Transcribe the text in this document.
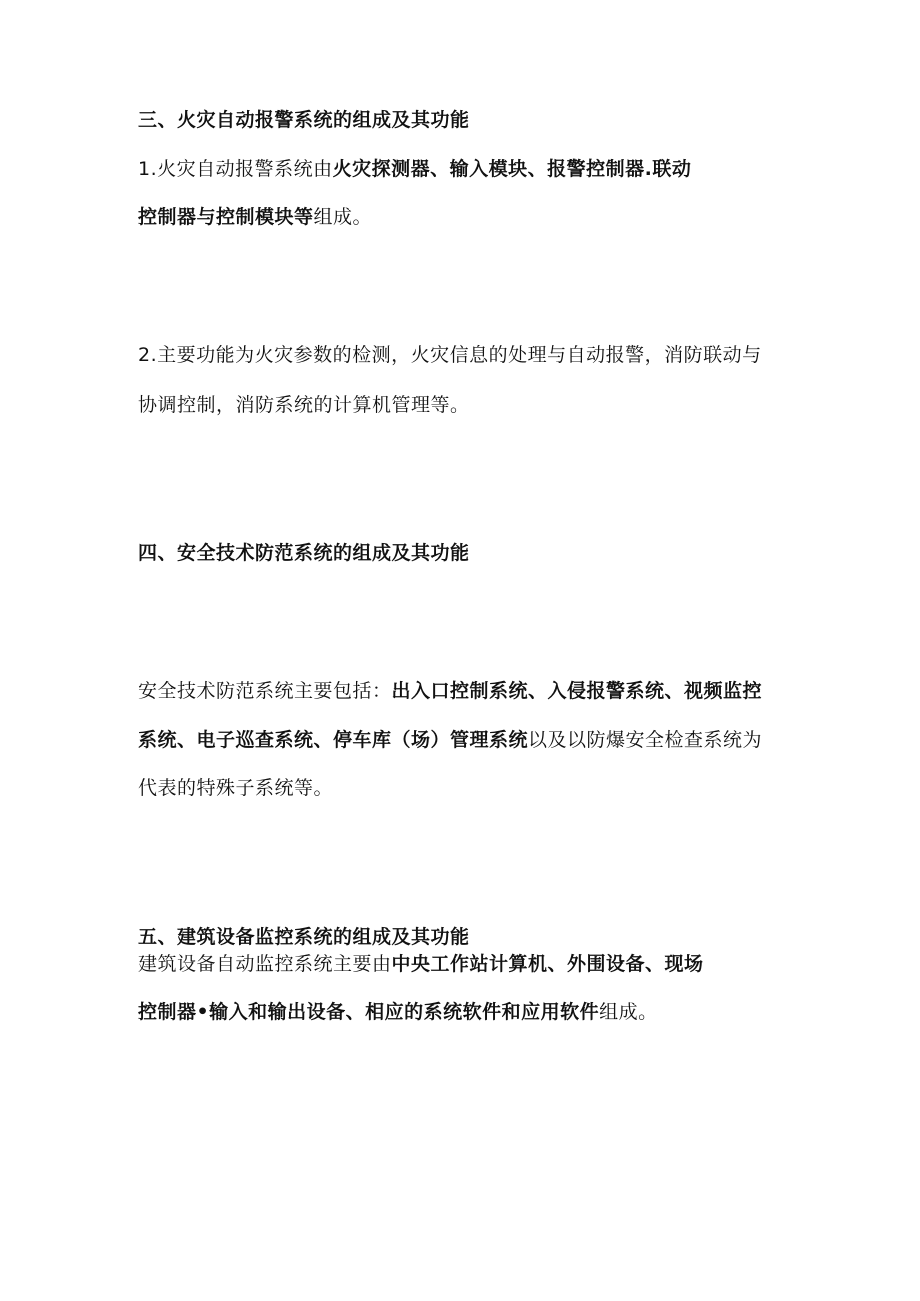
三、火灾自动报警系统的组成及其功能
1.火灾自动报警系统由火灾探测器、输入模块、报警控制器.联动
控制器与控制模块等组成。
2.主要功能为火灾参数的检测，火灾信息的处理与自动报警，消防联动与
协调控制，消防系统的计算机管理等。
四、安全技术防范系统的组成及其功能
安全技术防范系统主要包括：出入口控制系统、入侵报警系统、视频监控
系统、电子巡查系统、停车库（场）管理系统以及以防爆安全检查系统为
代表的特殊子系统等。
五、建筑设备监控系统的组成及其功能
建筑设备自动监控系统主要由中央工作站计算机、外围设备、现场
控制器•输入和输出设备、相应的系统软件和应用软件组成。
